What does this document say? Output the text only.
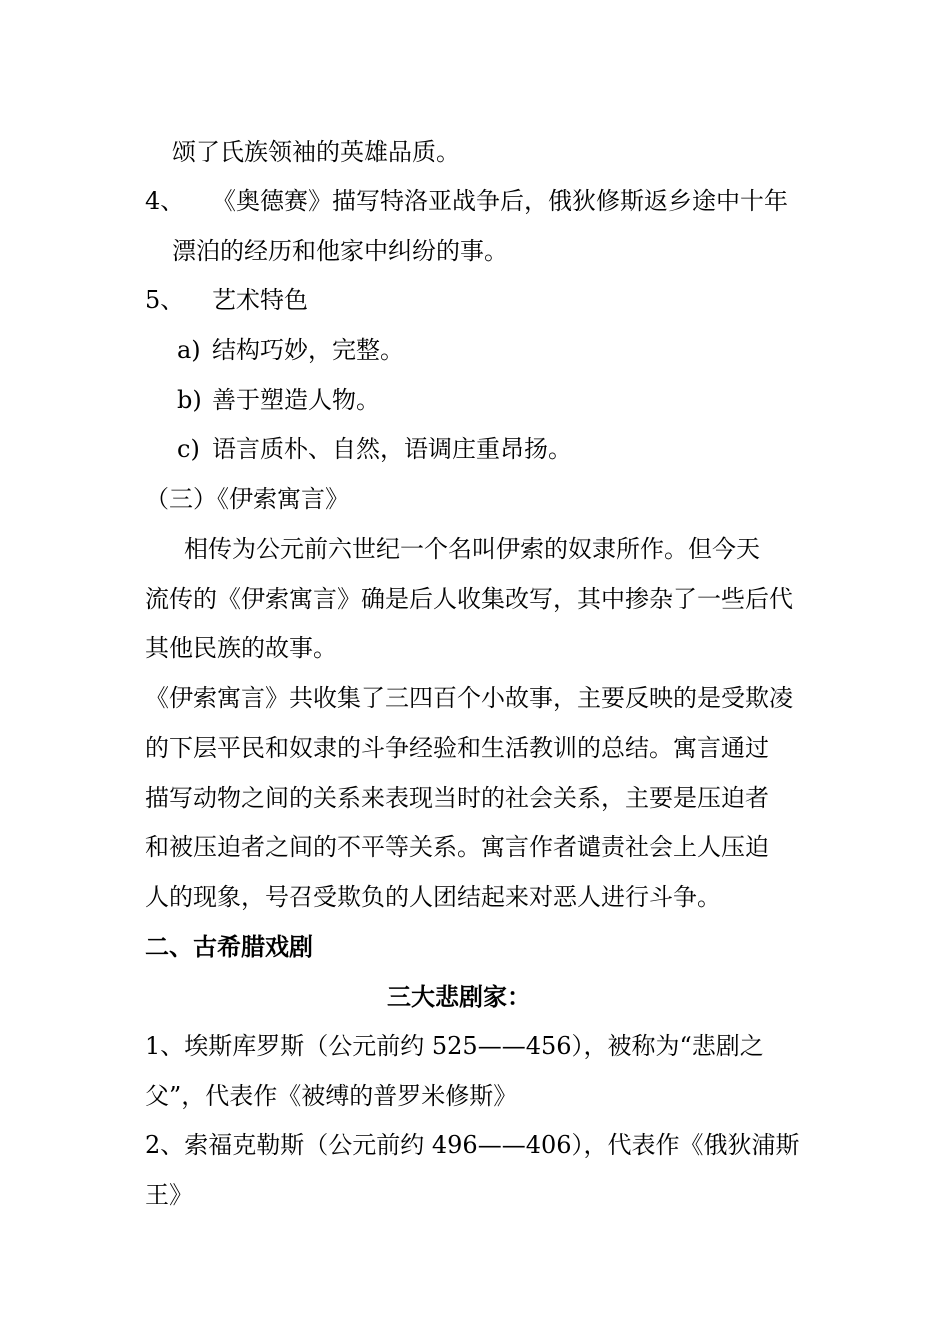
颂了氏族领袖的英雄品质。
4、 《奥德赛》描写特洛亚战争后，俄狄修斯返乡途中十年
漂泊的经历和他家中纠纷的事。
5、 艺术特色
a) 结构巧妙，完整。
b) 善于塑造人物。
c) 语言质朴、自然，语调庄重昂扬。
（三）《伊索寓言》
相传为公元前六世纪一个名叫伊索的奴隶所作。但今天
流传的《伊索寓言》确是后人收集改写，其中掺杂了一些后代
其他民族的故事。
《伊索寓言》共收集了三四百个小故事，主要反映的是受欺凌
的下层平民和奴隶的斗争经验和生活教训的总结。寓言通过
描写动物之间的关系来表现当时的社会关系，主要是压迫者
和被压迫者之间的不平等关系。寓言作者谴责社会上人压迫
人的现象，号召受欺负的人团结起来对恶人进行斗争。
二、古希腊戏剧
三大悲剧家：
1、埃斯库罗斯（公元前约 525——456），被称为“悲剧之
父”，代表作《被缚的普罗米修斯》
2、索福克勒斯（公元前约 496——406），代表作《俄狄浦斯
王》
